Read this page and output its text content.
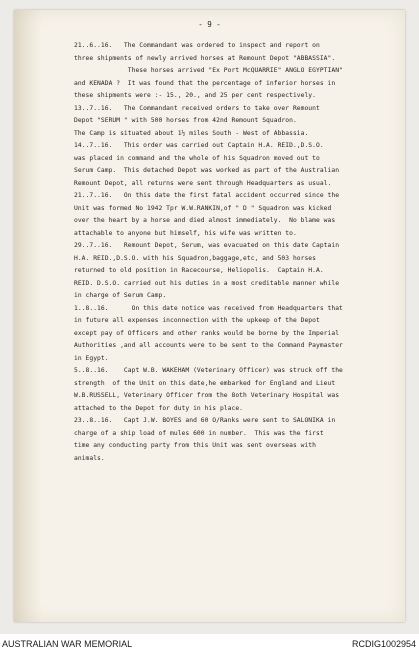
- 9 -
21..6..16.   The Commandant was ordered to inspect and report on
three shipments of newly arrived horses at Remount Depot "ABBASSIA".
These horses arrived "Ex Port McQUARRIE" ANGLO EGYPTIAN"
and KENADA ?  It was found that the percentage of inferior horses in
these shipments were :- 15., 20., and 25 per cent respectively.
13..7..16.   The Commandant received orders to take over Remount
Depot "SERUM " with 500 horses from 42nd Remount Squadron.
The Camp is situated about 1½ miles South - West of Abbassia.
14..7..16.   This order was carried out Captain H.A. REID.,D.S.O.
was placed in command and the whole of his Squadron moved out to
Serum Camp.  This detached Depot was worked as part of the Australian
Remount Depot, all returns were sent through Headquarters as usual.
21..7..16.   On this date the first fatal accident occurred since the
Unit was formed No 1942 Tpr W.W.RANKIN,of " D " Squadron was kicked
over the heart by a horse and died almost immediately.  No blame was
attachable to anyone but himself, his wife was written to.
29..7..16.   Remount Depot, Serum, was evacuated on this date Captain
H.A. REID.,D.S.O. with his Squadron,baggage,etc, and 503 horses
returned to old position in Racecourse, Heliopolis.  Captain H.A.
REID. D.S.O. carried out his duties in a most creditable manner while
in charge of Serum Camp.
1..8..16.      On this date notice was received from Headquarters that
in future all expenses inconnection with the upkeep of the Depot
except pay of Officers and other ranks would be borne by the Imperial
Authorities ,and all accounts were to be sent to the Command Paymaster
in Egypt.
5..8..16.    Capt W.B. WAKEHAM (Veterinary Officer) was struck off the
strength  of the Unit on this date,he embarked for England and Lieut
W.B.RUSSELL, Veterinary Officer from the 8oth Veterinary Hospital was
attached to the Depot for duty in his place.
23..8..16.   Capt J.W. BOYES and 60 O/Ranks were sent to SALONIKA in
charge of a ship load of mules 600 in number.  This was the first
time any conducting party from this Unit was sent overseas with
animals.
AUSTRALIAN WAR MEMORIAL	RCDIG1002954
